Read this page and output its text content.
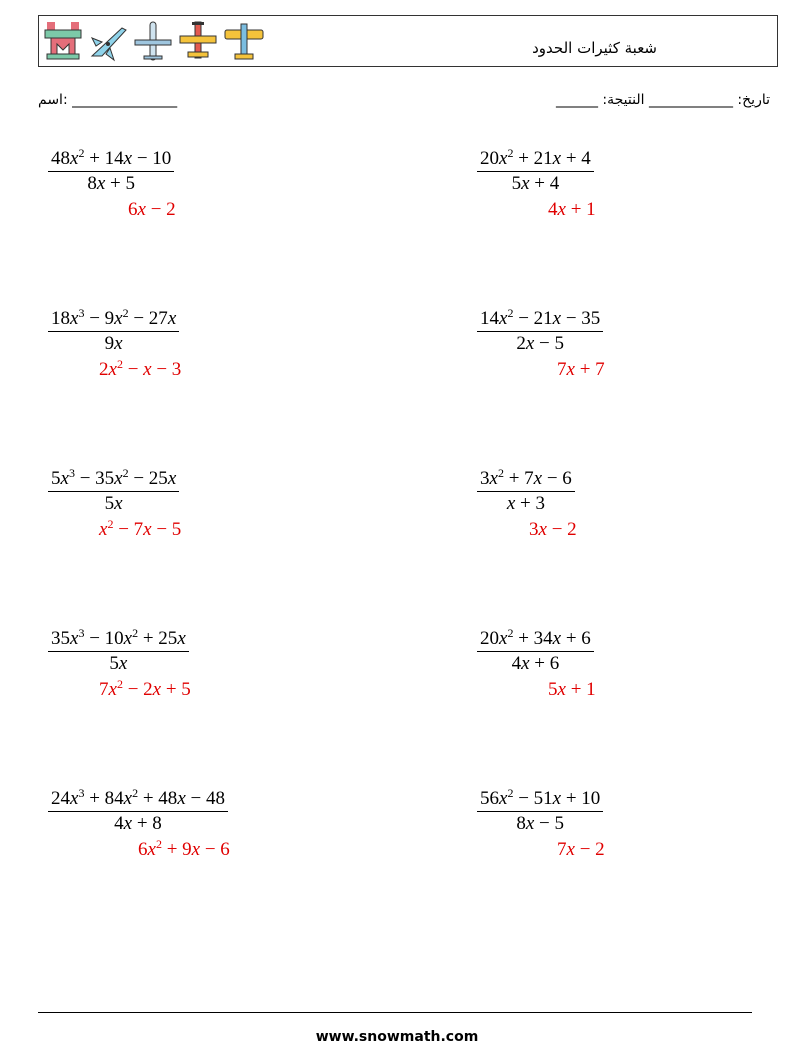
شعبة كثيرات الحدود
اسم: _______________	______ :تاريخ: ____________ النتيجة
$\frac{48x^2 + 14x - 10}{8x + 5}$
6x − 2
$\frac{20x^2 + 21x + 4}{5x + 4}$
4x + 1
$\frac{18x^3 - 9x^2 - 27x}{9x}$
$2x^2 - x - 3$
$\frac{14x^2 - 21x - 35}{2x - 5}$
7x + 7
$\frac{5x^3 - 35x^2 - 25x}{5x}$
$x^2 - 7x - 5$
$\frac{3x^2 + 7x - 6}{x + 3}$
3x − 2
$\frac{35x^3 - 10x^2 + 25x}{5x}$
$7x^2 - 2x + 5$
$\frac{20x^2 + 34x + 6}{4x + 6}$
5x + 1
$\frac{24x^3 + 84x^2 + 48x - 48}{4x + 8}$
$6x^2 + 9x - 6$
$\frac{56x^2 - 51x + 10}{8x - 5}$
7x − 2
www.snowmath.com
